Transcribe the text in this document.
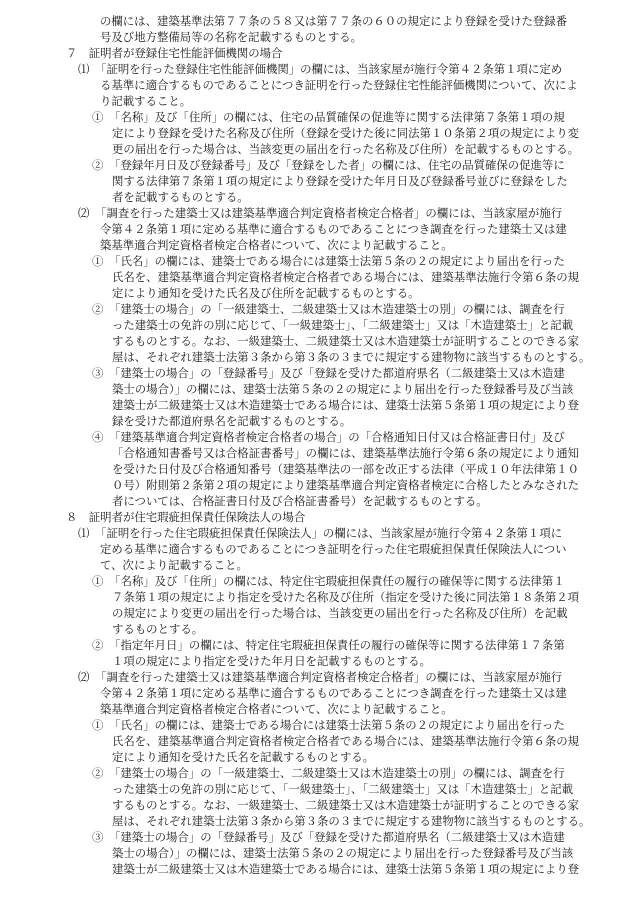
の欄には、建築基準法第７７条の５８又は第７７条の６０の規定により登録を受けた登録番
号及び地方整備局等の名称を記載するものとする。
７　証明者が登録住宅性能評価機関の場合
⑴　「証明を行った登録住宅性能評価機関」の欄には、当該家屋が施行令第４２条第１項に定め
る基準に適合するものであることにつき証明を行った登録住宅性能評価機関について、次によ
り記載すること。
①　「名称」及び「住所」の欄には、住宅の品質確保の促進等に関する法律第７条第１項の規
定により登録を受けた名称及び住所（登録を受けた後に同法第１０条第２項の規定により変
更の届出を行った場合は、当該変更の届出を行った名称及び住所）を記載するものとする。
②　「登録年月日及び登録番号」及び「登録をした者」の欄には、住宅の品質確保の促進等に
関する法律第７条第１項の規定により登録を受けた年月日及び登録番号並びに登録をした
者を記載するものとする。
⑵　「調査を行った建築士又は建築基準適合判定資格者検定合格者」の欄には、当該家屋が施行
令第４２条第１項に定める基準に適合するものであることにつき調査を行った建築士又は建
築基準適合判定資格者検定合格者について、次により記載すること。
①　「氏名」の欄には、建築士である場合には建築士法第５条の２の規定により届出を行った
氏名を、建築基準適合判定資格者検定合格者である場合には、建築基準法施行令第６条の規
定により通知を受けた氏名及び住所を記載するものとする。
②　「建築士の場合」の「一級建築士、二級建築士又は木造建築士の別」の欄には、調査を行
った建築士の免許の別に応じて、「一級建築士」、「二級建築士」又は「木造建築士」と記載
するものとする。なお、一級建築士、二級建築士又は木造建築士が証明することのできる家
屋は、それぞれ建築士法第３条から第３条の３までに規定する建物物に該当するものとする。
③　「建築士の場合」の「登録番号」及び「登録を受けた都道府県名（二級建築士又は木造建
築士の場合）」の欄には、建築士法第５条の２の規定により届出を行った登録番号及び当該
建築士が二級建築士又は木造建築士である場合には、建築士法第５条第１項の規定により登
録を受けた都道府県名を記載するものとする。
④　「建築基準適合判定資格者検定合格者の場合」の「合格通知日付又は合格証書日付」及び
「合格通知書番号又は合格証書番号」の欄には、建築基準法施行令第６条の規定により通知
を受けた日付及び合格通知番号（建築基準法の一部を改正する法律（平成１０年法律第１０
０号）附則第２条第２項の規定により建築基準適合判定資格者検定に合格したとみなされた
者については、合格証書日付及び合格証書番号）を記載するものとする。
８　証明者が住宅瑕疵担保責任保険法人の場合
⑴　「証明を行った住宅瑕疵担保責任保険法人」の欄には、当該家屋が施行令第４２条第１項に
定める基準に適合するものであることにつき証明を行った住宅瑕疵担保責任保険法人につい
て、次により記載すること。
①　「名称」及び「住所」の欄には、特定住宅瑕疵担保責任の履行の確保等に関する法律第１
７条第１項の規定により指定を受けた名称及び住所（指定を受けた後に同法第１８条第２項
の規定により変更の届出を行った場合は、当該変更の届出を行った名称及び住所）を記載
するものとする。
②　「指定年月日」の欄には、特定住宅瑕疵担保責任の履行の確保等に関する法律第１７条第
１項の規定により指定を受けた年月日を記載するものとする。
⑵　「調査を行った建築士又は建築基準適合判定資格者検定合格者」の欄には、当該家屋が施行
令第４２条第１項に定める基準に適合するものであることにつき調査を行った建築士又は建
築基準適合判定資格者検定合格者について、次により記載すること。
①　「氏名」の欄には、建築士である場合には建築士法第５条の２の規定により届出を行った
氏名を、建築基準適合判定資格者検定合格者である場合には、建築基準法施行令第６条の規
定により通知を受けた氏名を記載するものとする。
②　「建築士の場合」の「一級建築士、二級建築士又は木造建築士の別」の欄には、調査を行
った建築士の免許の別に応じて、「一級建築士」、「二級建築士」又は「木造建築士」と記載
するものとする。なお、一級建築士、二級建築士又は木造建築士が証明することのできる家
屋は、それぞれ建築士法第３条から第３条の３までに規定する建物物に該当するものとする。
③　「建築士の場合」の「登録番号」及び「登録を受けた都道府県名（二級建築士又は木造建
築士の場合）」の欄には、建築士法第５条の２の規定により届出を行った登録番号及び当該
建築士が二級建築士又は木造建築士である場合には、建築士法第５条第１項の規定により登
